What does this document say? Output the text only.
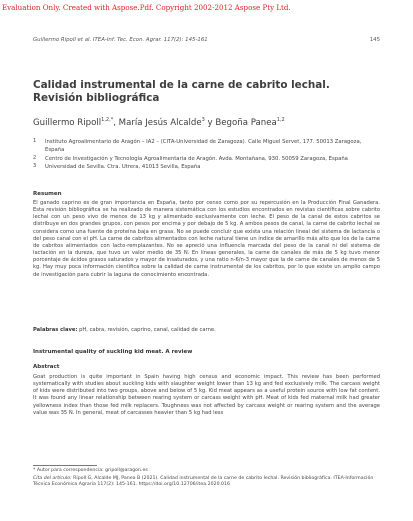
Evaluation Only. Created with Aspose.Pdf. Copyright 2002-2012 Aspose Pty Ltd.
Guillermo Ripoll et al. ITEA-Inf. Tec. Econ. Agrar. 117(2): 145-161	145
Calidad instrumental de la carne de cabrito lechal. Revisión bibliográfica
Guillermo Ripoll$^{1,2,*}$, María Jesús Alcalde$^3$ y Begoña Panea$^{1,2}$
1 Instituto Agroalimentario de Aragón – IA2 – (CITA-Universidad de Zaragoza). Calle Miguel Servet, 177. 50013 Zaragoza, España
2 Centro de Investigación y Tecnología Agroalimentaria de Aragón. Avda. Montañana, 930. 50059 Zaragoza, España
3 Universidad de Sevilla. Ctra. Utrera, 41013 Sevilla, España
Resumen

El ganado caprino es de gran importancia en España, tanto por censo como por su repercusión en la Producción Final Ganadera. Esta revisión bibliográfica se ha realizado de manera sistemática con los estudios encontrados en revistas científicas sobre cabrito lechal con un peso vivo de menos de 13 kg y alimentado exclusivamente con leche. El peso de la canal de estos cabritos se distribuye en dos grandes grupos, con pesos por encima y por debajo de 5 kg. A ambos pesos de canal, la carne de cabrito lechal se considera como una fuente de proteína baja en grasa. No se puede concluir que exista una relación lineal del sistema de lactancia o del peso canal con el pH. La carne de cabritos alimentados con leche natural tiene un índice de amarillo más alto que los de la carne de cabritos alimentados con lacto-remplazantes. No se apreció una influencia marcada del peso de la canal ni del sistema de lactación en la dureza, que tuvo un valor medio de 35 N. En líneas generales, la carne de canales de más de 5 kg tuvo menor porcentaje de ácidos grasos saturados y mayor de insaturados, y una ratio n-6/n-3 mayor que la de carne de canales de menos de 5 kg. Hay muy poca información científica sobre la calidad de carne instrumental de los cabritos, por lo que existe un amplio campo de investigación para cubrir la laguna de conocimiento encontrada.

Palabras clave: pH, cabra, revisión, caprino, canal, calidad de carne.

Instrumental quality of suckling kid meat. A review
Abstract

Goat production is quite important in Spain having high census and economic impact. This review has been performed systematically with studies about suckling kids with slaughter weight lower than 13 kg and fed exclusively milk. The carcass weight of kids were distributed into two groups, above and below of 5 kg. Kid meat appears as a useful protein source with low fat content. It was found any linear relationship between rearing system or carcass weight with pH. Meat of kids fed maternal milk had greater yellowness index than those fed milk replacers. Toughness was not affected by carcass weight or rearing system and the average value was 35 N. In general, meat of carcasses heavier than 5 kg had less

* Autor para correspondencia: gripoll@aragon.es

Cita del artículo: Ripoll G, Alcalde MJ, Panea B (2021). Calidad instrumental de la carne de cabrito lechal. Revisión bibliográfica. ITEA-Información Técnica Económica Agraria 117(2): 145-161. https://doi.org/10.12706/itea.2020.016
